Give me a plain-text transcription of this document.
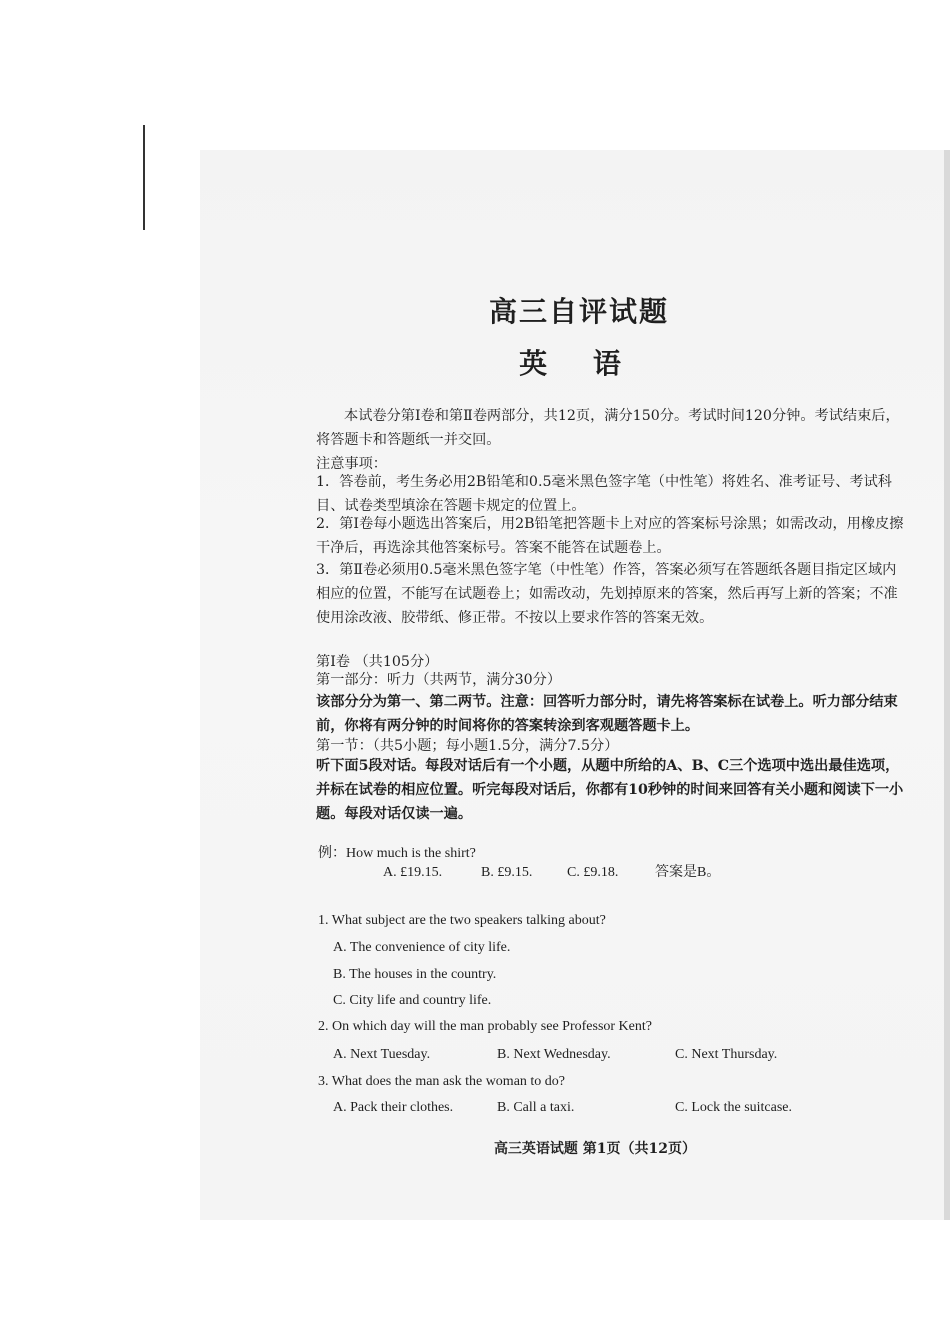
高三自评试题
英 语

本试卷分第Ⅰ卷和第Ⅱ卷两部分，共12页，满分150分。考试时间120分钟。考试结束后，将答题卡和答题纸一并交回。

注意事项：

1．答卷前，考生务必用2B铅笔和0.5毫米黑色签字笔（中性笔）将姓名、准考证号、考试科目、试卷类型填涂在答题卡规定的位置上。

2．第Ⅰ卷每小题选出答案后，用2B铅笔把答题卡上对应的答案标号涂黑；如需改动，用橡皮擦干净后，再选涂其他答案标号。答案不能答在试题卷上。

3．第Ⅱ卷必须用0.5毫米黑色签字笔（中性笔）作答，答案必须写在答题纸各题目指定区域内相应的位置，不能写在试题卷上；如需改动，先划掉原来的答案，然后再写上新的答案；不准使用涂改液、胶带纸、修正带。不按以上要求作答的答案无效。

第Ⅰ卷 （共105分）

第一部分：听力（共两节，满分30分）

该部分分为第一、第二两节。注意：回答听力部分时，请先将答案标在试卷上。听力部分结束前，你将有两分钟的时间将你的答案转涂到客观题答题卡上。

第一节：（共5小题；每小题1.5分，满分7.5分）

听下面5段对话。每段对话后有一个小题，从题中所给的A、B、C三个选项中选出最佳选项，并标在试卷的相应位置。听完每段对话后，你都有10秒钟的时间来回答有关小题和阅读下一小题。每段对话仅读一遍。

例：How much is the shirt?

A. £19.15.	B. £9.15. C. £9.18.	答案是B。

1. What subject are the two speakers talking about?

A. The convenience of city life.

B. The houses in the country.

C. City life and country life.

2. On which day will the man probably see Professor Kent?

A. Next Tuesday.	B. Next Wednesday.	C. Next Thursday.

3. What does the man ask the woman to do?

A. Pack their clothes.	B. Call a taxi.	C. Lock the suitcase.

高三英语试题 第1页（共12页）
